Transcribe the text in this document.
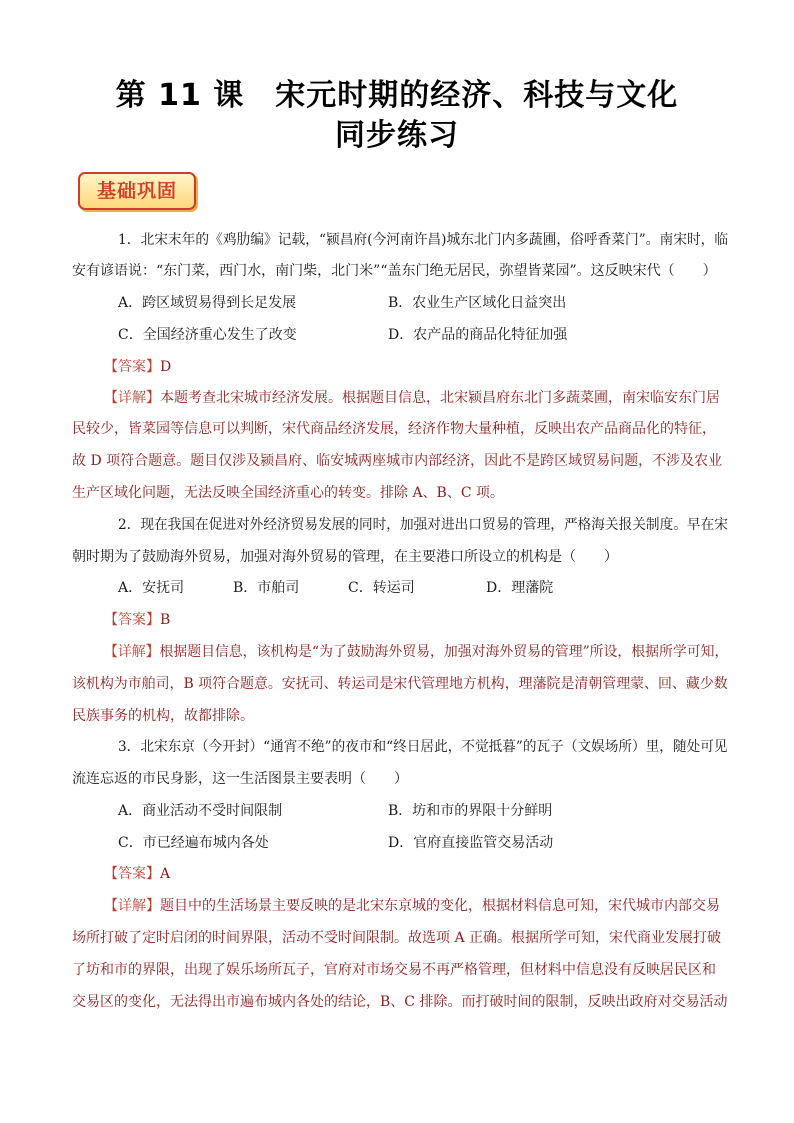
第 11 课　宋元时期的经济、科技与文化
同步练习
基础巩固
1．北宋末年的《鸡肋编》记载，“颍昌府(今河南许昌)城东北门内多蔬圃，俗呼香菜门”。南宋时，临
安有谚语说：“东门菜，西门水，南门柴，北门米”“盖东门绝无居民，弥望皆菜园”。这反映宋代（　　）
A．跨区域贸易得到长足发展	B．农业生产区域化日益突出
C．全国经济重心发生了改变	D．农产品的商品化特征加强
【答案】D
【详解】本题考查北宋城市经济发展。根据题目信息，北宋颍昌府东北门多蔬菜圃，南宋临安东门居
民较少，皆菜园等信息可以判断，宋代商品经济发展，经济作物大量种植，反映出农产品商品化的特征，
故 D 项符合题意。题目仅涉及颍昌府、临安城两座城市内部经济，因此不是跨区域贸易问题，不涉及农业
生产区域化问题，无法反映全国经济重心的转变。排除 A、B、C 项。
2．现在我国在促进对外经济贸易发展的同时，加强对进出口贸易的管理，严格海关报关制度。早在宋
朝时期为了鼓励海外贸易，加强对海外贸易的管理，在主要港口所设立的机构是（　　）
A．安抚司	B．市舶司	C．转运司	D．理藩院
【答案】B
【详解】根据题目信息，该机构是“为了鼓励海外贸易，加强对海外贸易的管理”所设，根据所学可知，
该机构为市舶司，B 项符合题意。安抚司、转运司是宋代管理地方机构，理藩院是清朝管理蒙、回、藏少数
民族事务的机构，故都排除。
3．北宋东京（今开封）“通宵不绝”的夜市和“终日居此，不觉抵暮”的瓦子（文娱场所）里，随处可见
流连忘返的市民身影，这一生活图景主要表明（　　）
A．商业活动不受时间限制	B．坊和市的界限十分鲜明
C．市已经遍布城内各处	D．官府直接监管交易活动
【答案】A
【详解】题目中的生活场景主要反映的是北宋东京城的变化，根据材料信息可知，宋代城市内部交易
场所打破了定时启闭的时间界限，活动不受时间限制。故选项 A 正确。根据所学可知，宋代商业发展打破
了坊和市的界限，出现了娱乐场所瓦子，官府对市场交易不再严格管理，但材料中信息没有反映居民区和
交易区的变化，无法得出市遍布城内各处的结论，B、C 排除。而打破时间的限制，反映出政府对交易活动
